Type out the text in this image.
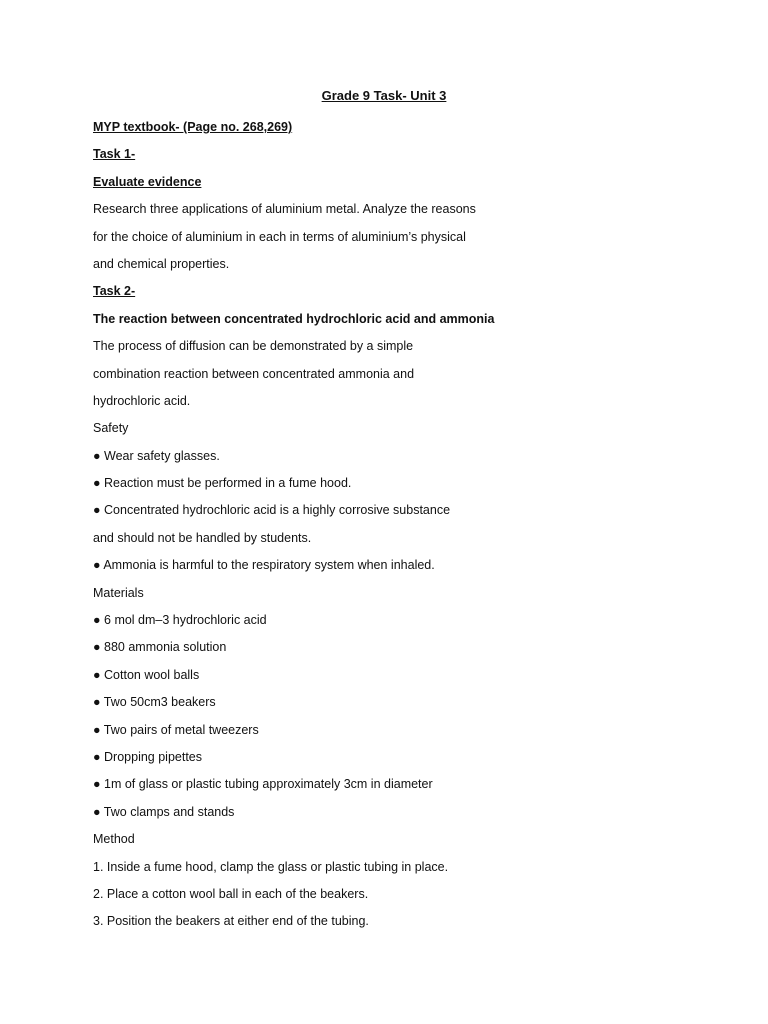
Grade 9 Task- Unit 3
MYP textbook- (Page no. 268,269)
Task 1-
Evaluate evidence
Research three applications of aluminium metal. Analyze the reasons
for the choice of aluminium in each in terms of aluminium’s physical
and chemical properties.
Task 2-
The reaction between concentrated hydrochloric acid and ammonia
The process of diffusion can be demonstrated by a simple
combination reaction between concentrated ammonia and
hydrochloric acid.
Safety
● Wear safety glasses.
● Reaction must be performed in a fume hood.
● Concentrated hydrochloric acid is a highly corrosive substance
and should not be handled by students.
● Ammonia is harmful to the respiratory system when inhaled.
Materials
● 6 mol dm–3 hydrochloric acid
● 880 ammonia solution
● Cotton wool balls
● Two 50cm3 beakers
● Two pairs of metal tweezers
● Dropping pipettes
● 1m of glass or plastic tubing approximately 3cm in diameter
● Two clamps and stands
Method
1. Inside a fume hood, clamp the glass or plastic tubing in place.
2. Place a cotton wool ball in each of the beakers.
3. Position the beakers at either end of the tubing.
